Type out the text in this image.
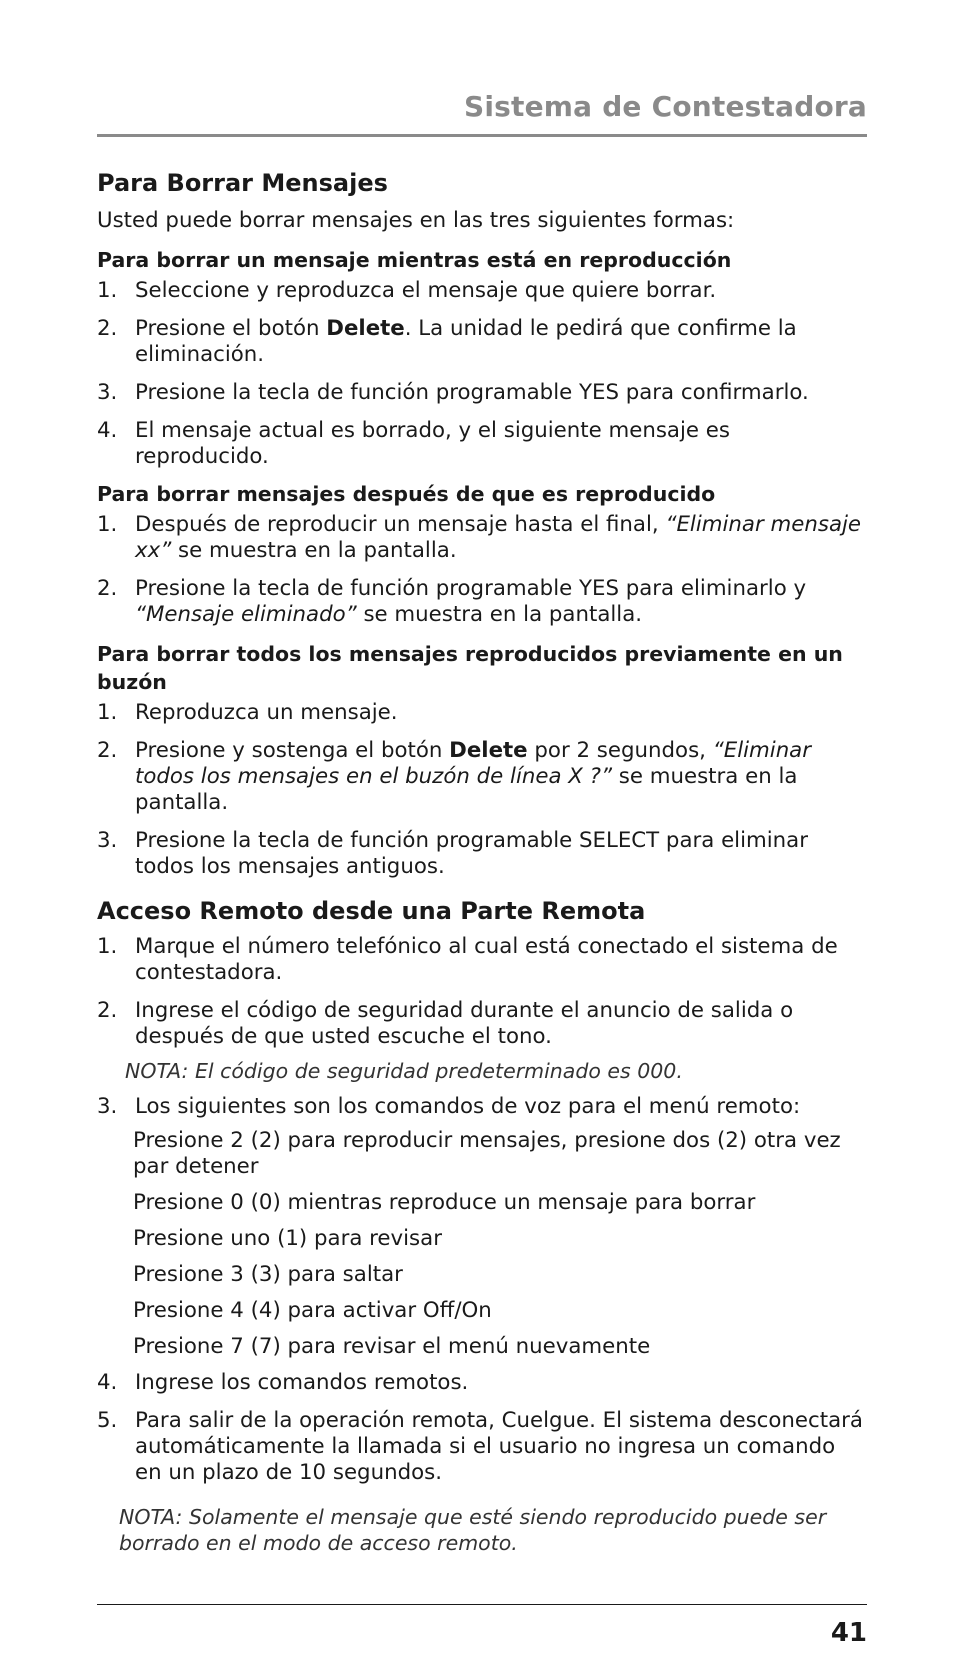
Sistema de Contestadora
Para Borrar Mensajes

Usted puede borrar mensajes en las tres siguientes formas:

Para borrar un mensaje mientras está en reproducción
1. Seleccione y reproduzca el mensaje que quiere borrar.
2. Presione el botón Delete. La unidad le pedirá que confirme la eliminación.
3. Presione la tecla de función programable YES para confirmarlo.
4. El mensaje actual es borrado, y el siguiente mensaje es reproducido.
Para borrar mensajes después de que es reproducido
1. Después de reproducir un mensaje hasta el final, “Eliminar mensaje xx” se muestra en la pantalla.
2. Presione la tecla de función programable YES para eliminarlo y “Mensaje eliminado” se muestra en la pantalla.
Para borrar todos los mensajes reproducidos previamente en un buzón
1. Reproduzca un mensaje.
2. Presione y sostenga el botón Delete por 2 segundos, “Eliminar todos los mensajes en el buzón de línea X ?” se muestra en la pantalla.
3. Presione la tecla de función programable SELECT para eliminar todos los mensajes antiguos.
Acceso Remoto desde una Parte Remota
1. Marque el número telefónico al cual está conectado el sistema de contestadora.
2. Ingrese el código de seguridad durante el anuncio de salida o después de que usted escuche el tono.
NOTA: El código de seguridad predeterminado es 000.
3. Los siguientes son los comandos de voz para el menú remoto:
Presione 2 (2) para reproducir mensajes, presione dos (2) otra vez par detener
Presione 0 (0) mientras reproduce un mensaje para borrar
Presione uno (1) para revisar
Presione 3 (3) para saltar
Presione 4 (4) para activar Off/On
Presione 7 (7) para revisar el menú nuevamente
4. Ingrese los comandos remotos.
5. Para salir de la operación remota, Cuelgue. El sistema desconectará automáticamente la llamada si el usuario no ingresa un comando en un plazo de 10 segundos.
NOTA: Solamente el mensaje que esté siendo reproducido puede ser borrado en el modo de acceso remoto.
41
